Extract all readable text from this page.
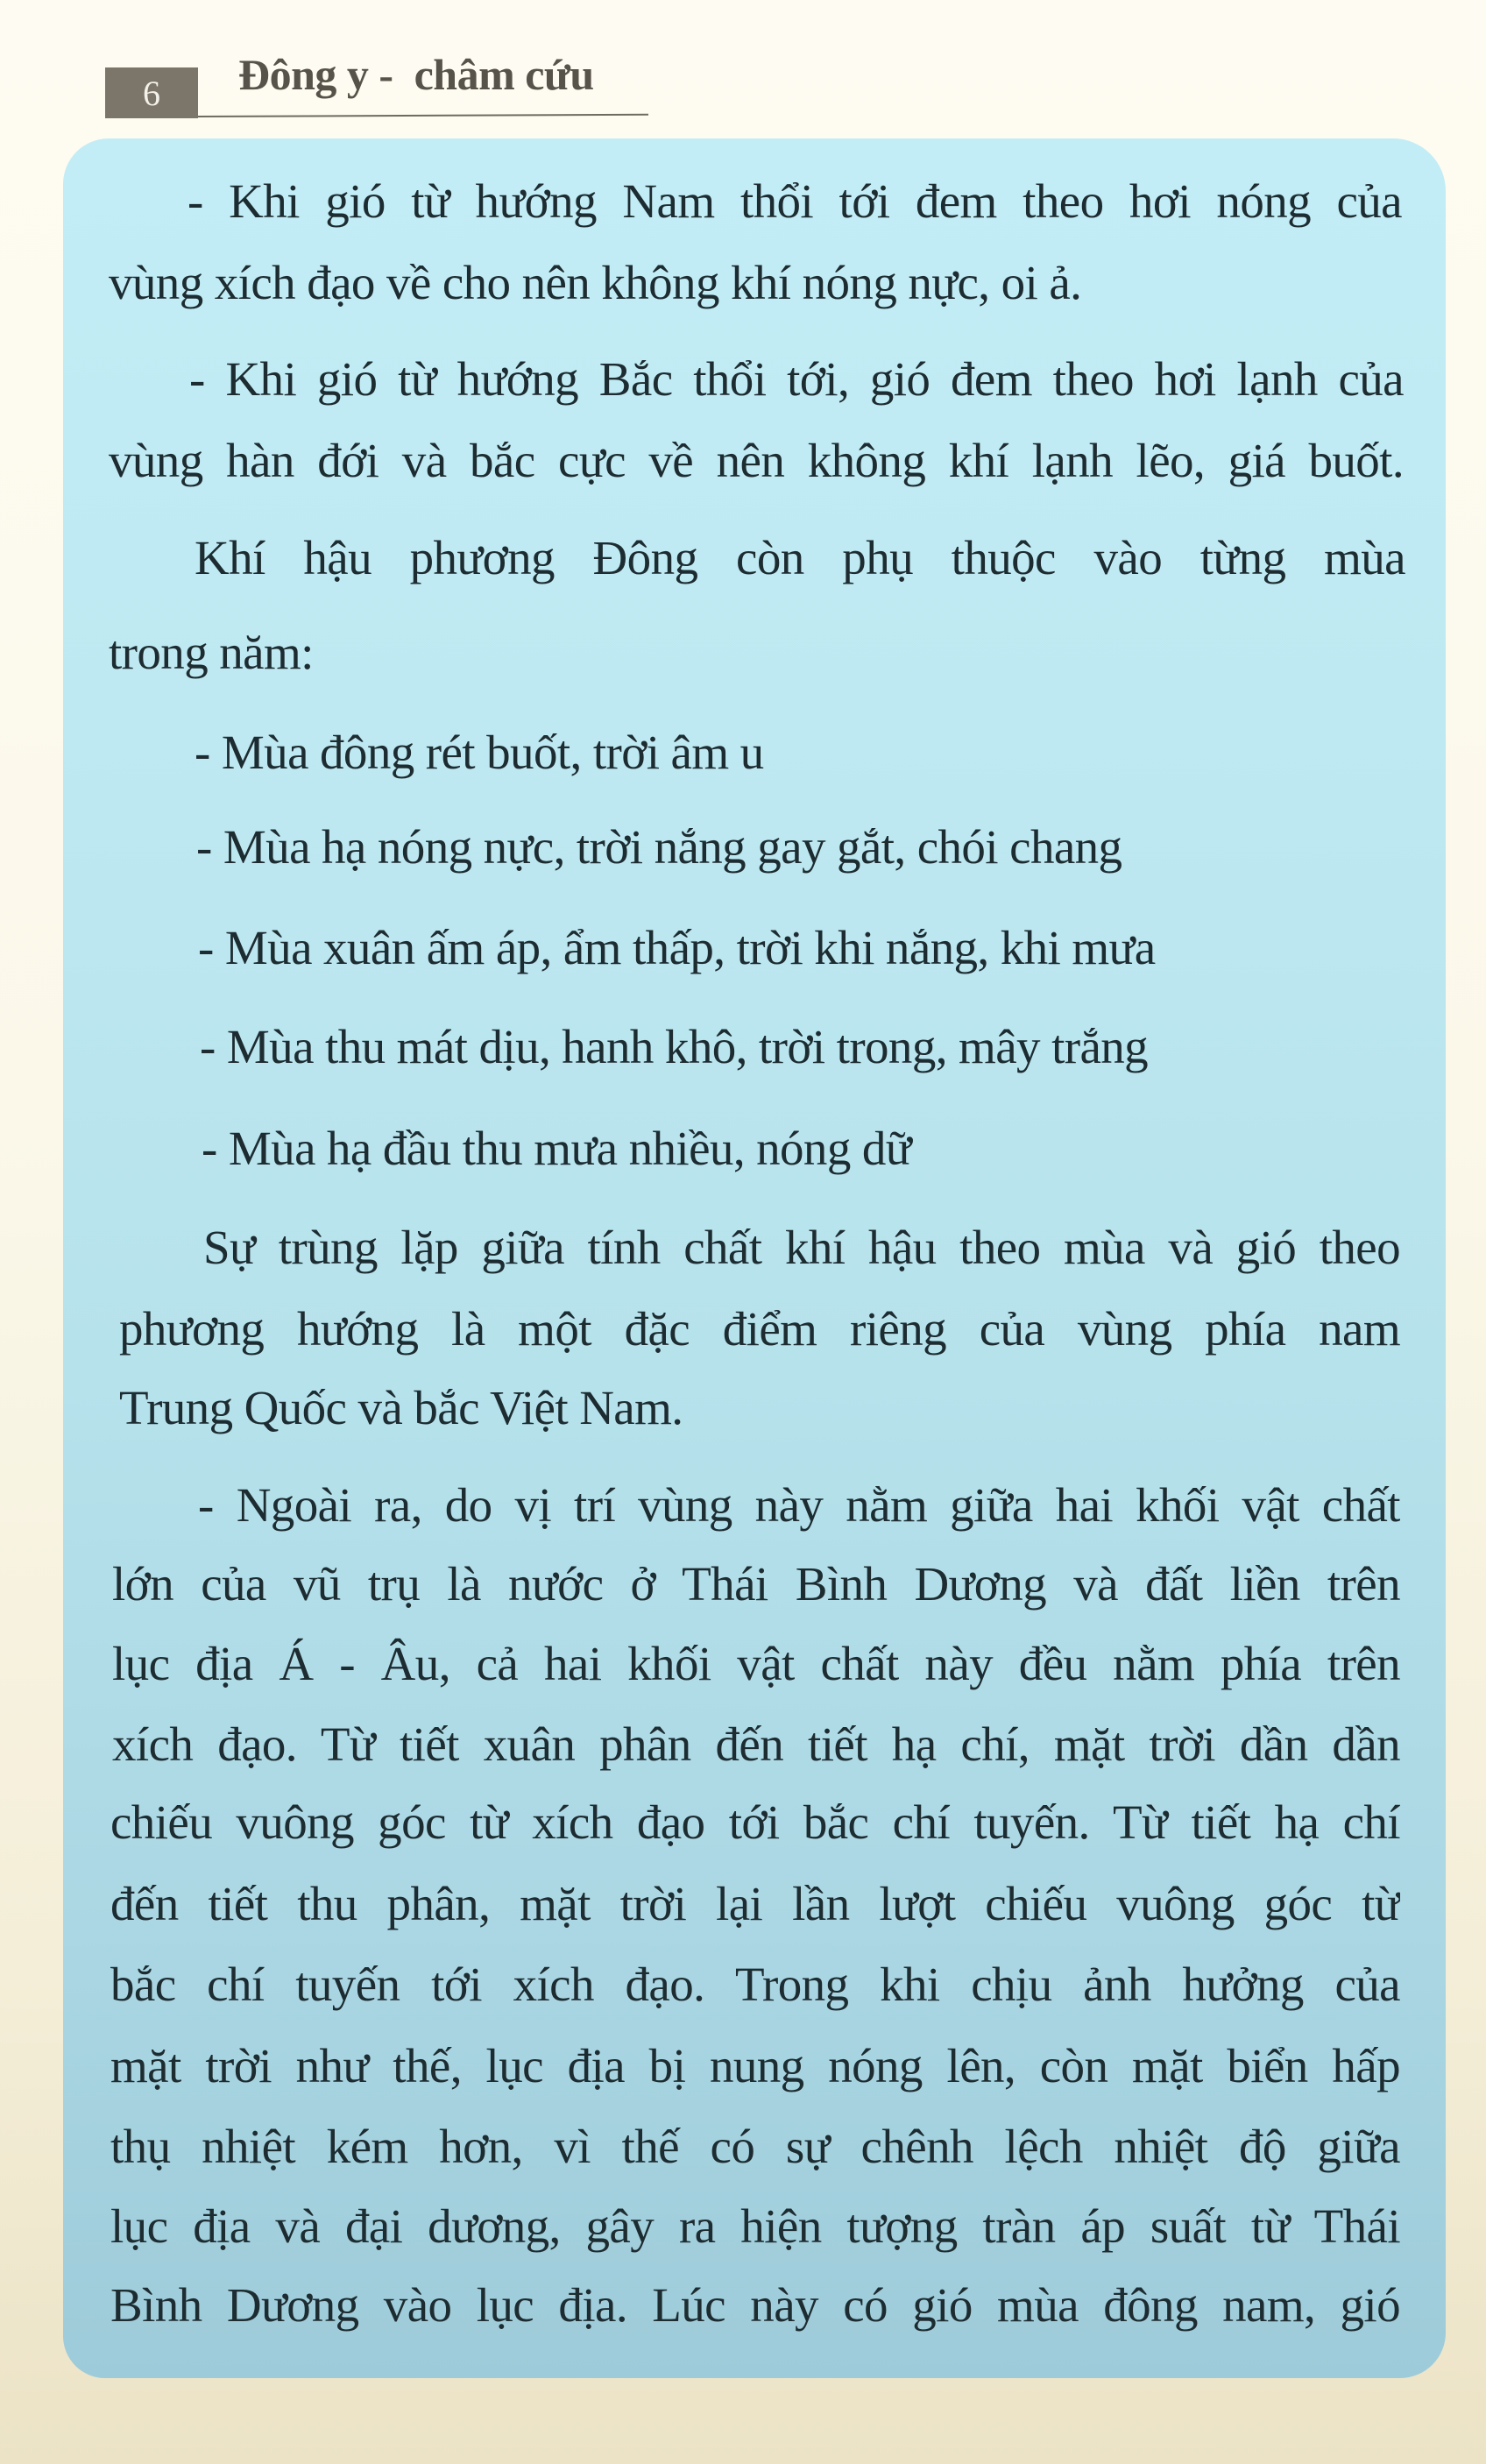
6 Đông y -  châm cứu
- Khi gió từ hướng Nam thổi tới đem theo hơi nóng của
vùng xích đạo về cho nên không khí nóng nực, oi ả.
- Khi gió từ hướng Bắc thổi tới, gió đem theo hơi lạnh của
vùng hàn đới và bắc cực về nên không khí lạnh lẽo, giá buốt.
Khí hậu phương Đông còn phụ thuộc vào từng mùa
trong năm:
- Mùa đông rét buốt, trời âm u
- Mùa hạ nóng nực, trời nắng gay gắt, chói chang
- Mùa xuân ấm áp, ẩm thấp, trời khi nắng, khi mưa
- Mùa thu mát dịu, hanh khô, trời trong, mây trắng
- Mùa hạ đầu thu mưa nhiều, nóng dữ
Sự trùng lặp giữa tính chất khí hậu theo mùa và gió theo
phương hướng là một đặc điểm riêng của vùng phía nam
Trung Quốc và bắc Việt Nam.
- Ngoài ra, do vị trí vùng này nằm giữa hai khối vật chất
lớn của vũ trụ là nước ở Thái Bình Dương và đất liền trên
lục địa Á - Âu, cả hai khối vật chất này đều nằm phía trên
xích đạo. Từ tiết xuân phân đến tiết hạ chí, mặt trời dần dần
chiếu vuông góc từ xích đạo tới bắc chí tuyến. Từ tiết hạ chí
đến tiết thu phân, mặt trời lại lần lượt chiếu vuông góc từ
bắc chí tuyến tới xích đạo. Trong khi chịu ảnh hưởng của
mặt trời như thế, lục địa bị nung nóng lên, còn mặt biển hấp
thụ nhiệt kém hơn, vì thế có sự chênh lệch nhiệt độ giữa
lục địa và đại dương, gây ra hiện tượng tràn áp suất từ Thái
Bình Dương vào lục địa. Lúc này có gió mùa đông nam, gió
